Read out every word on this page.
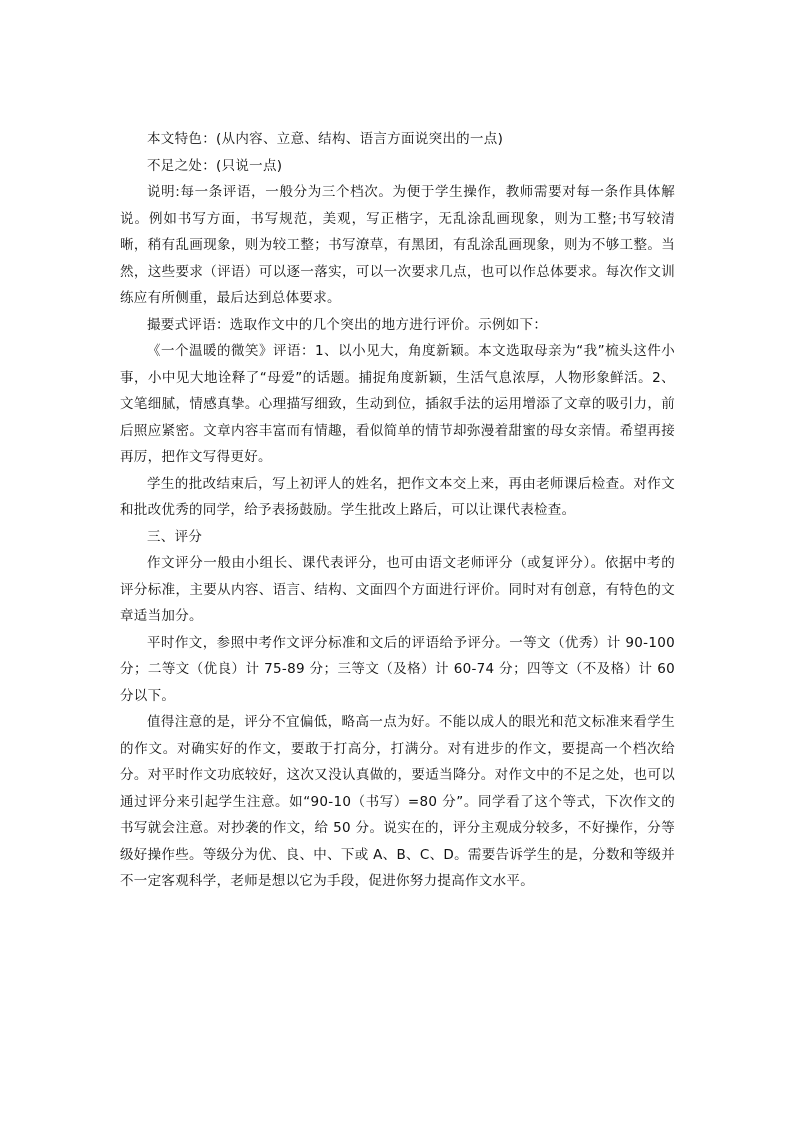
本文特色：(从内容、立意、结构、语言方面说突出的一点)

不足之处：(只说一点)

说明:每一条评语，一般分为三个档次。为便于学生操作，教师需要对每一条作具体解说。例如书写方面，书写规范，美观，写正楷字，无乱涂乱画现象，则为工整;书写较清晰，稍有乱画现象，则为较工整；书写潦草，有黑团，有乱涂乱画现象，则为不够工整。当然，这些要求（评语）可以逐一落实，可以一次要求几点，也可以作总体要求。每次作文训练应有所侧重，最后达到总体要求。

撮要式评语：选取作文中的几个突出的地方进行评价。示例如下：

《一个温暖的微笑》评语：1、以小见大，角度新颖。本文选取母亲为“我”梳头这件小事，小中见大地诠释了“母爱”的话题。捕捉角度新颖，生活气息浓厚，人物形象鲜活。2、文笔细腻，情感真挚。心理描写细致，生动到位，插叙手法的运用增添了文章的吸引力，前后照应紧密。文章内容丰富而有情趣，看似简单的情节却弥漫着甜蜜的母女亲情。希望再接再厉，把作文写得更好。

学生的批改结束后，写上初评人的姓名，把作文本交上来，再由老师课后检查。对作文和批改优秀的同学，给予表扬鼓励。学生批改上路后，可以让课代表检查。

三、评分

作文评分一般由小组长、课代表评分，也可由语文老师评分（或复评分）。依据中考的评分标准，主要从内容、语言、结构、文面四个方面进行评价。同时对有创意，有特色的文章适当加分。

平时作文，参照中考作文评分标准和文后的评语给予评分。一等文（优秀）计 90-100 分；二等文（优良）计 75-89 分；三等文（及格）计 60-74 分；四等文（不及格）计 60 分以下。

值得注意的是，评分不宜偏低，略高一点为好。不能以成人的眼光和范文标准来看学生的作文。对确实好的作文，要敢于打高分，打满分。对有进步的作文，要提高一个档次给分。对平时作文功底较好，这次又没认真做的，要适当降分。对作文中的不足之处，也可以通过评分来引起学生注意。如“90-10（书写）=80 分”。同学看了这个等式，下次作文的书写就会注意。对抄袭的作文，给 50 分。说实在的，评分主观成分较多，不好操作，分等级好操作些。等级分为优、良、中、下或 A、B、C、D。需要告诉学生的是，分数和等级并不一定客观科学，老师是想以它为手段，促进你努力提高作文水平。
